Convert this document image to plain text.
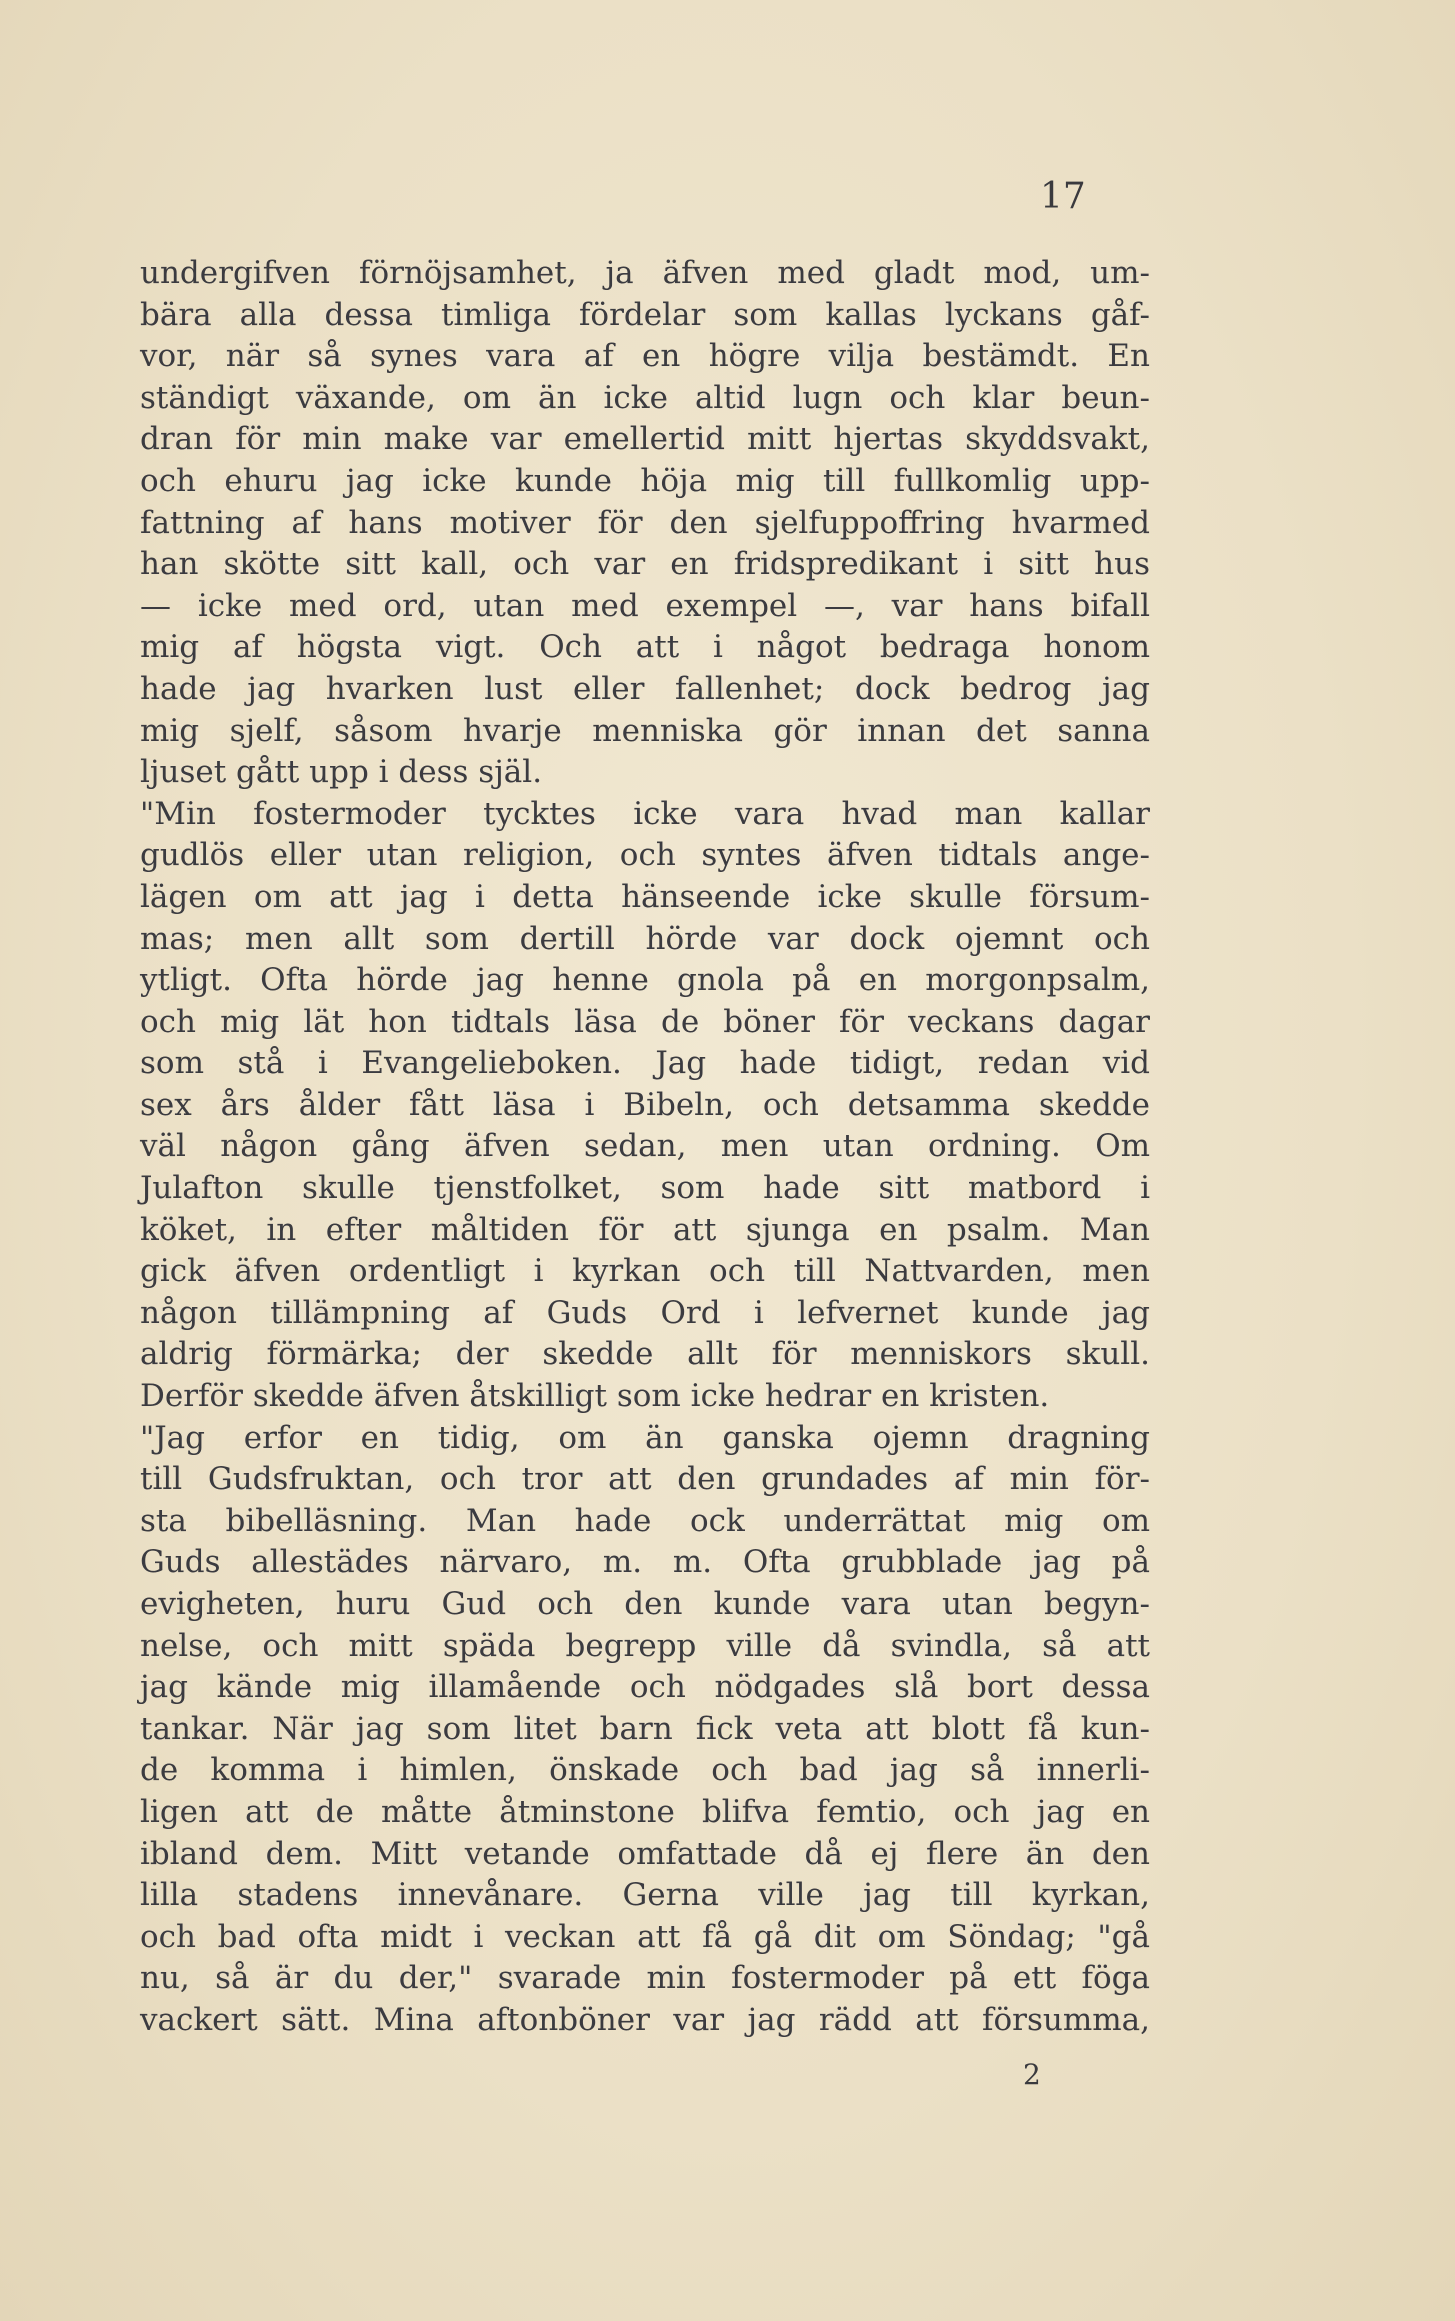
17
undergifven förnöjsamhet, ja äfven med gladt mod, um-
bära alla dessa timliga fördelar som kallas lyckans gåf-
vor, när så synes vara af en högre vilja bestämdt. En
ständigt växande, om än icke altid lugn och klar beun-
dran för min make var emellertid mitt hjertas skyddsvakt,
och ehuru jag icke kunde höja mig till fullkomlig upp-
fattning af hans motiver för den sjelfuppoffring hvarmed
han skötte sitt kall, och var en fridspredikant i sitt hus
— icke med ord, utan med exempel —, var hans bifall
mig af högsta vigt. Och att i något bedraga honom
hade jag hvarken lust eller fallenhet; dock bedrog jag
mig sjelf, såsom hvarje menniska gör innan det sanna
ljuset gått upp i dess själ.
"Min fostermoder tycktes icke vara hvad man kallar
gudlös eller utan religion, och syntes äfven tidtals ange-
lägen om att jag i detta hänseende icke skulle försum-
mas; men allt som dertill hörde var dock ojemnt och
ytligt. Ofta hörde jag henne gnola på en morgonpsalm,
och mig lät hon tidtals läsa de böner för veckans dagar
som stå i Evangelieboken. Jag hade tidigt, redan vid
sex års ålder fått läsa i Bibeln, och detsamma skedde
väl någon gång äfven sedan, men utan ordning. Om
Julafton skulle tjenstfolket, som hade sitt matbord i
köket, in efter måltiden för att sjunga en psalm. Man
gick äfven ordentligt i kyrkan och till Nattvarden, men
någon tillämpning af Guds Ord i lefvernet kunde jag
aldrig förmärka; der skedde allt för menniskors skull.
Derför skedde äfven åtskilligt som icke hedrar en kristen.
"Jag erfor en tidig, om än ganska ojemn dragning
till Gudsfruktan, och tror att den grundades af min för-
sta bibelläsning. Man hade ock underrättat mig om
Guds allestädes närvaro, m. m. Ofta grubblade jag på
evigheten, huru Gud och den kunde vara utan begyn-
nelse, och mitt späda begrepp ville då svindla, så att
jag kände mig illamående och nödgades slå bort dessa
tankar. När jag som litet barn fick veta att blott få kun-
de komma i himlen, önskade och bad jag så innerli-
ligen att de måtte åtminstone blifva femtio, och jag en
ibland dem. Mitt vetande omfattade då ej flere än den
lilla stadens innevånare. Gerna ville jag till kyrkan,
och bad ofta midt i veckan att få gå dit om Söndag; "gå
nu, så är du der," svarade min fostermoder på ett föga
vackert sätt. Mina aftonböner var jag rädd att försumma,
2
